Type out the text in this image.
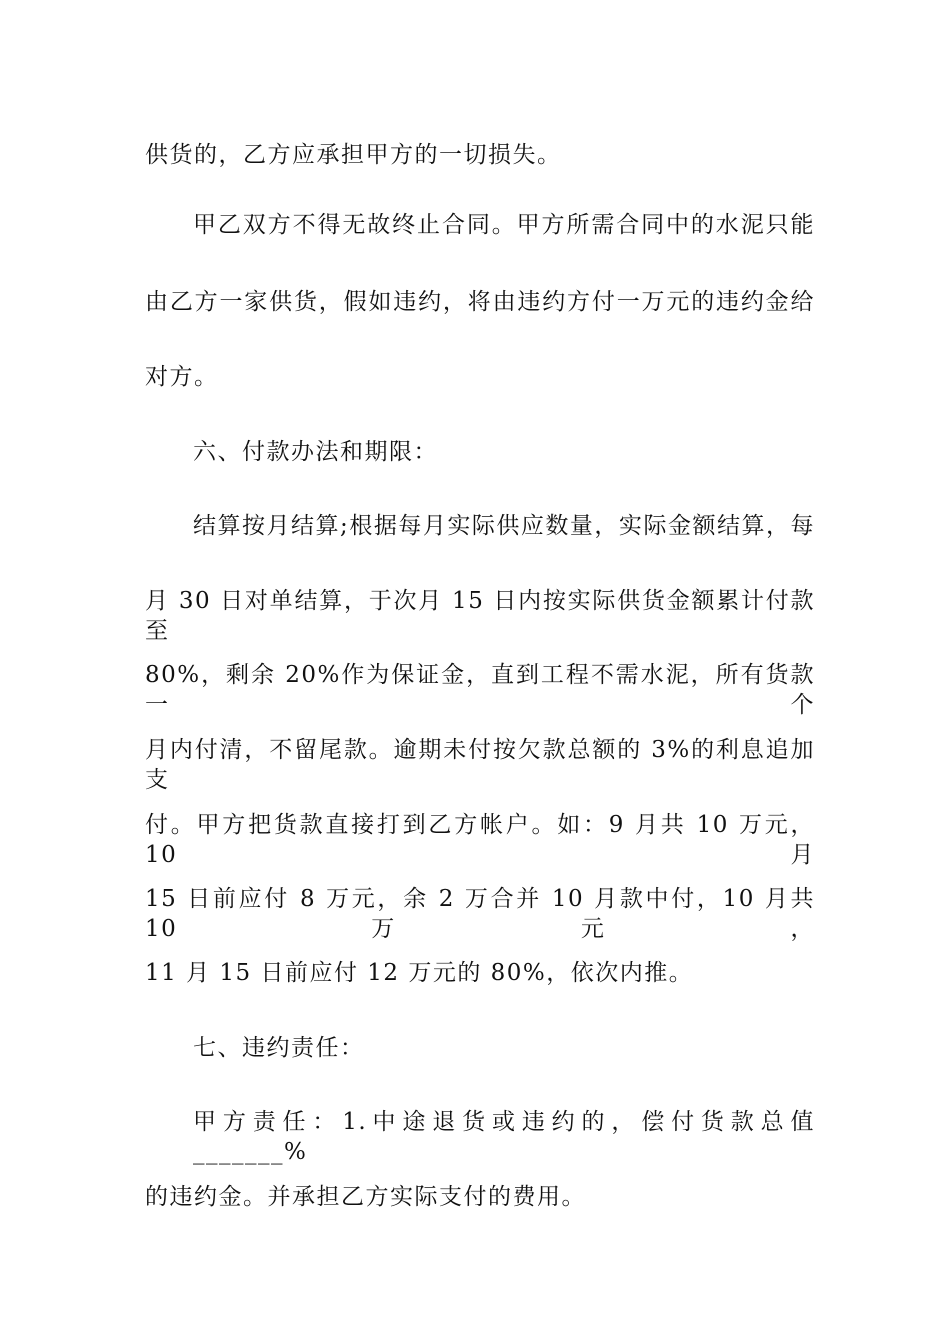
供货的，乙方应承担甲方的一切损失。
甲乙双方不得无故终止合同。甲方所需合同中的水泥只能
由乙方一家供货，假如违约，将由违约方付一万元的违约金给
对方。
六、付款办法和期限：
结算按月结算;根据每月实际供应数量，实际金额结算，每
月 30 日对单结算，于次月 15 日内按实际供货金额累计付款至
80%，剩余 20%作为保证金，直到工程不需水泥，所有货款一个
月内付清，不留尾款。逾期未付按欠款总额的 3%的利息追加支
付。甲方把货款直接打到乙方帐户。如：9 月共 10 万元，10 月
15 日前应付 8 万元，余 2 万合并 10 月款中付，10 月共 10 万元，
11 月 15 日前应付 12 万元的 80%，依次内推。
七、违约责任：
甲方责任：1.中途退货或违约的，偿付货款总值_______%
的违约金。并承担乙方实际支付的费用。
